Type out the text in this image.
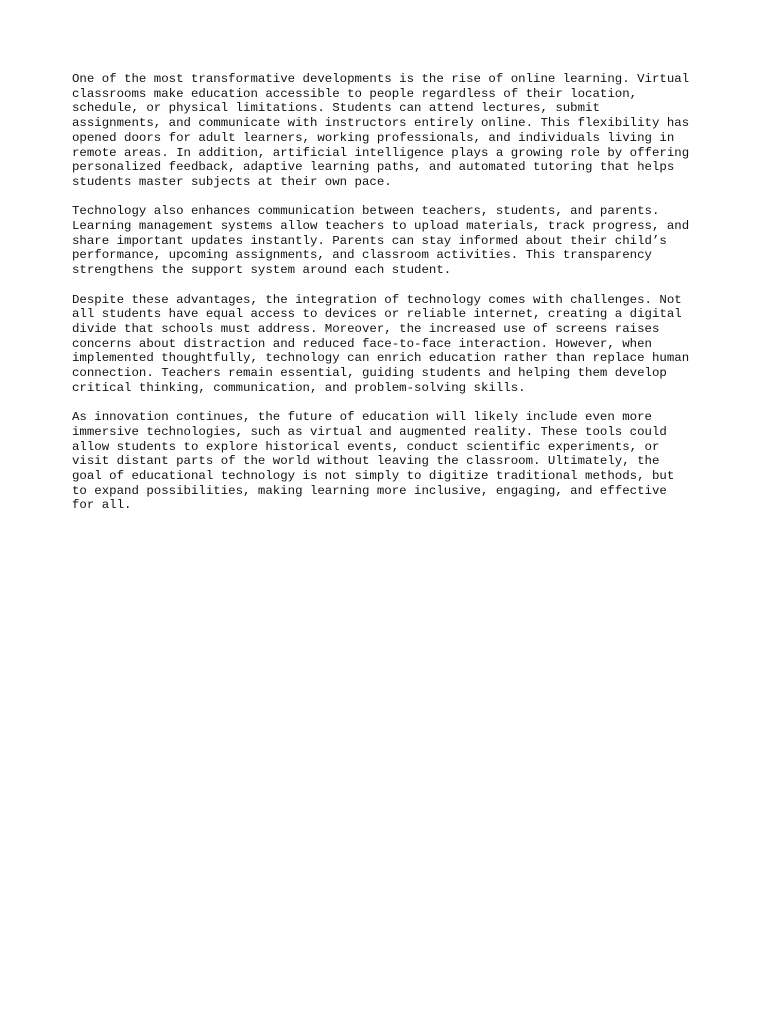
One of the most transformative developments is the rise of online learning. Virtual
classrooms make education accessible to people regardless of their location,
schedule, or physical limitations. Students can attend lectures, submit
assignments, and communicate with instructors entirely online. This flexibility has
opened doors for adult learners, working professionals, and individuals living in
remote areas. In addition, artificial intelligence plays a growing role by offering
personalized feedback, adaptive learning paths, and automated tutoring that helps
students master subjects at their own pace.

Technology also enhances communication between teachers, students, and parents.
Learning management systems allow teachers to upload materials, track progress, and
share important updates instantly. Parents can stay informed about their child’s
performance, upcoming assignments, and classroom activities. This transparency
strengthens the support system around each student.

Despite these advantages, the integration of technology comes with challenges. Not
all students have equal access to devices or reliable internet, creating a digital
divide that schools must address. Moreover, the increased use of screens raises
concerns about distraction and reduced face-to-face interaction. However, when
implemented thoughtfully, technology can enrich education rather than replace human
connection. Teachers remain essential, guiding students and helping them develop
critical thinking, communication, and problem-solving skills.

As innovation continues, the future of education will likely include even more
immersive technologies, such as virtual and augmented reality. These tools could
allow students to explore historical events, conduct scientific experiments, or
visit distant parts of the world without leaving the classroom. Ultimately, the
goal of educational technology is not simply to digitize traditional methods, but
to expand possibilities, making learning more inclusive, engaging, and effective
for all.
